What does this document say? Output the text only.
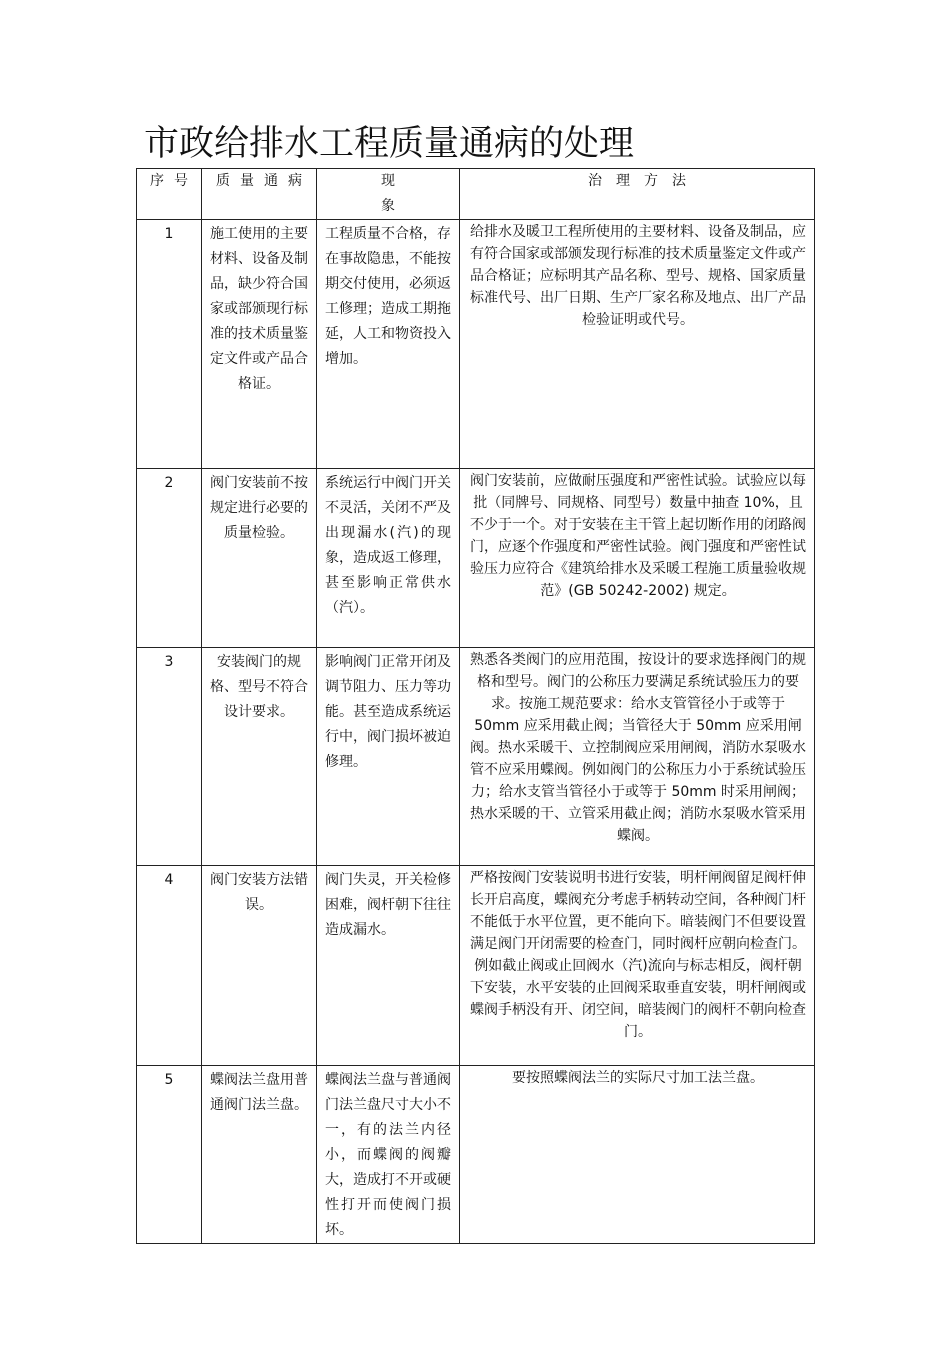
市政给排水工程质量通病的处理
序号	质量通病	现象	治理方法
1	施工使用的主要材料、设备及制品，缺少符合国家或部颁现行标准的技术质量鉴定文件或产品合格证。	工程质量不合格，存在事故隐患，不能按期交付使用，必须返工修理；造成工期拖延，人工和物资投入增加。	给排水及暖卫工程所使用的主要材料、设备及制品，应有符合国家或部颁发现行标准的技术质量鉴定文件或产品合格证；应标明其产品名称、型号、规格、国家质量标准代号、出厂日期、生产厂家名称及地点、出厂产品检验证明或代号。
2	阀门安装前不按规定进行必要的质量检验。	系统运行中阀门开关不灵活，关闭不严及出现漏水(汽)的现象，造成返工修理，甚至影响正常供水（汽）。	阀门安装前，应做耐压强度和严密性试验。试验应以每批（同牌号、同规格、同型号）数量中抽查 10%，且不少于一个。对于安装在主干管上起切断作用的闭路阀门，应逐个作强度和严密性试验。阀门强度和严密性试验压力应符合《建筑给排水及采暖工程施工质量验收规范》(GB 50242-2002) 规定。
3	安装阀门的规格、型号不符合设计要求。	影响阀门正常开闭及调节阻力、压力等功能。甚至造成系统运行中，阀门损坏被迫修理。	熟悉各类阀门的应用范围，按设计的要求选择阀门的规格和型号。阀门的公称压力要满足系统试验压力的要求。按施工规范要求：给水支管管径小于或等于 50mm 应采用截止阀；当管径大于 50mm 应采用闸阀。热水采暖干、立控制阀应采用闸阀，消防水泵吸水管不应采用蝶阀。例如阀门的公称压力小于系统试验压力；给水支管当管径小于或等于 50mm 时采用闸阀；热水采暖的干、立管采用截止阀；消防水泵吸水管采用蝶阀。
4	阀门安装方法错误。	阀门失灵，开关检修困难，阀杆朝下往往造成漏水。	严格按阀门安装说明书进行安装，明杆闸阀留足阀杆伸长开启高度，蝶阀充分考虑手柄转动空间，各种阀门杆不能低于水平位置，更不能向下。暗装阀门不但要设置满足阀门开闭需要的检查门，同时阀杆应朝向检查门。例如截止阀或止回阀水（汽)流向与标志相反，阀杆朝下安装，水平安装的止回阀采取垂直安装，明杆闸阀或蝶阀手柄没有开、闭空间，暗装阀门的阀杆不朝向检查门。
5	蝶阀法兰盘用普通阀门法兰盘。	蝶阀法兰盘与普通阀门法兰盘尺寸大小不一，有的法兰内径小，而蝶阀的阀瓣大，造成打不开或硬性打开而使阀门损坏。	要按照蝶阀法兰的实际尺寸加工法兰盘。
